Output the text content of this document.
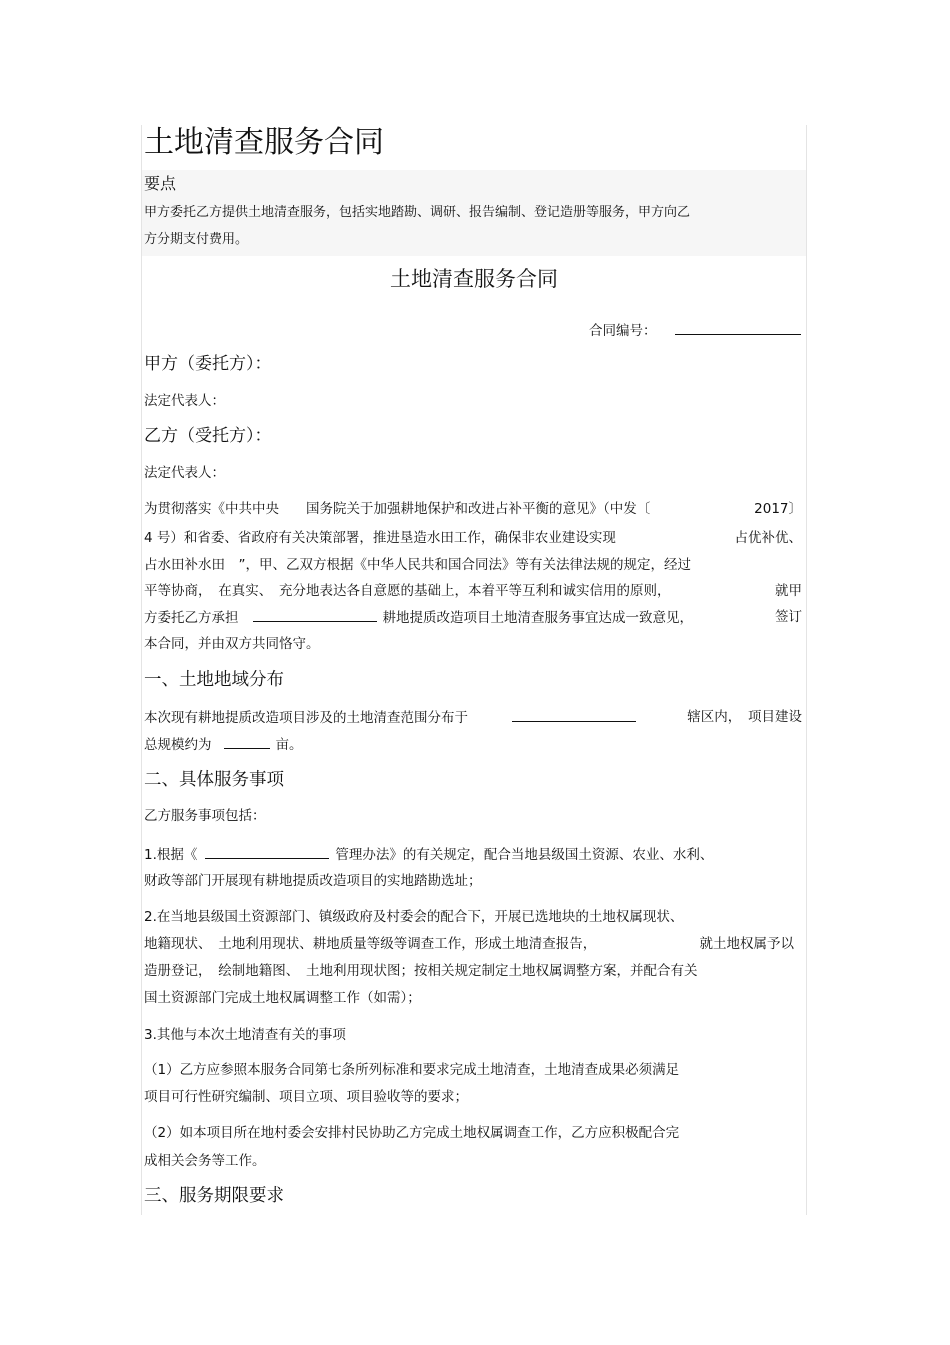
土地清查服务合同
要点
甲方委托乙方提供土地清查服务，包括实地踏勘、调研、报告编制、登记造册等服务，甲方向乙
方分期支付费用。
土地清查服务合同
合同编号：
甲方（委托方）：
法定代表人：
乙方（受托方）：
法定代表人：
为贯彻落实《中共中央　　国务院关于加强耕地保护和改进占补平衡的意见》（中发〔	2017〕
4 号）和省委、省政府有关决策部署，推进垦造水田工作，确保非农业建设实现	占优补优、
占水田补水田　”，甲、乙双方根据《中华人民共和国合同法》等有关法律法规的规定，经过
平等协商，　在真实、　充分地表达各自意愿的基础上，本着平等互利和诚实信用的原则，	就甲
方委托乙方承担	耕地提质改造项目土地清查服务事宜达成一致意见，	签订
本合同，并由双方共同恪守。
一、土地地域分布
本次现有耕地提质改造项目涉及的土地清查范围分布于	辖区内，　项目建设
总规模约为	亩。
二、具体服务事项
乙方服务事项包括：
1.根据《	管理办法》的有关规定，配合当地县级国土资源、农业、水利、
财政等部门开展现有耕地提质改造项目的实地踏勘选址；
2.在当地县级国土资源部门、镇级政府及村委会的配合下，开展已选地块的土地权属现状、
地籍现状、　土地利用现状、耕地质量等级等调查工作，形成土地清查报告，	就土地权属予以
造册登记，　绘制地籍图、　土地利用现状图；按相关规定制定土地权属调整方案，并配合有关
国土资源部门完成土地权属调整工作（如需）；
3.其他与本次土地清查有关的事项
（1）乙方应参照本服务合同第七条所列标准和要求完成土地清查，土地清查成果必须满足
项目可行性研究编制、项目立项、项目验收等的要求；
（2）如本项目所在地村委会安排村民协助乙方完成土地权属调查工作，乙方应积极配合完
成相关会务等工作。
三、服务期限要求
